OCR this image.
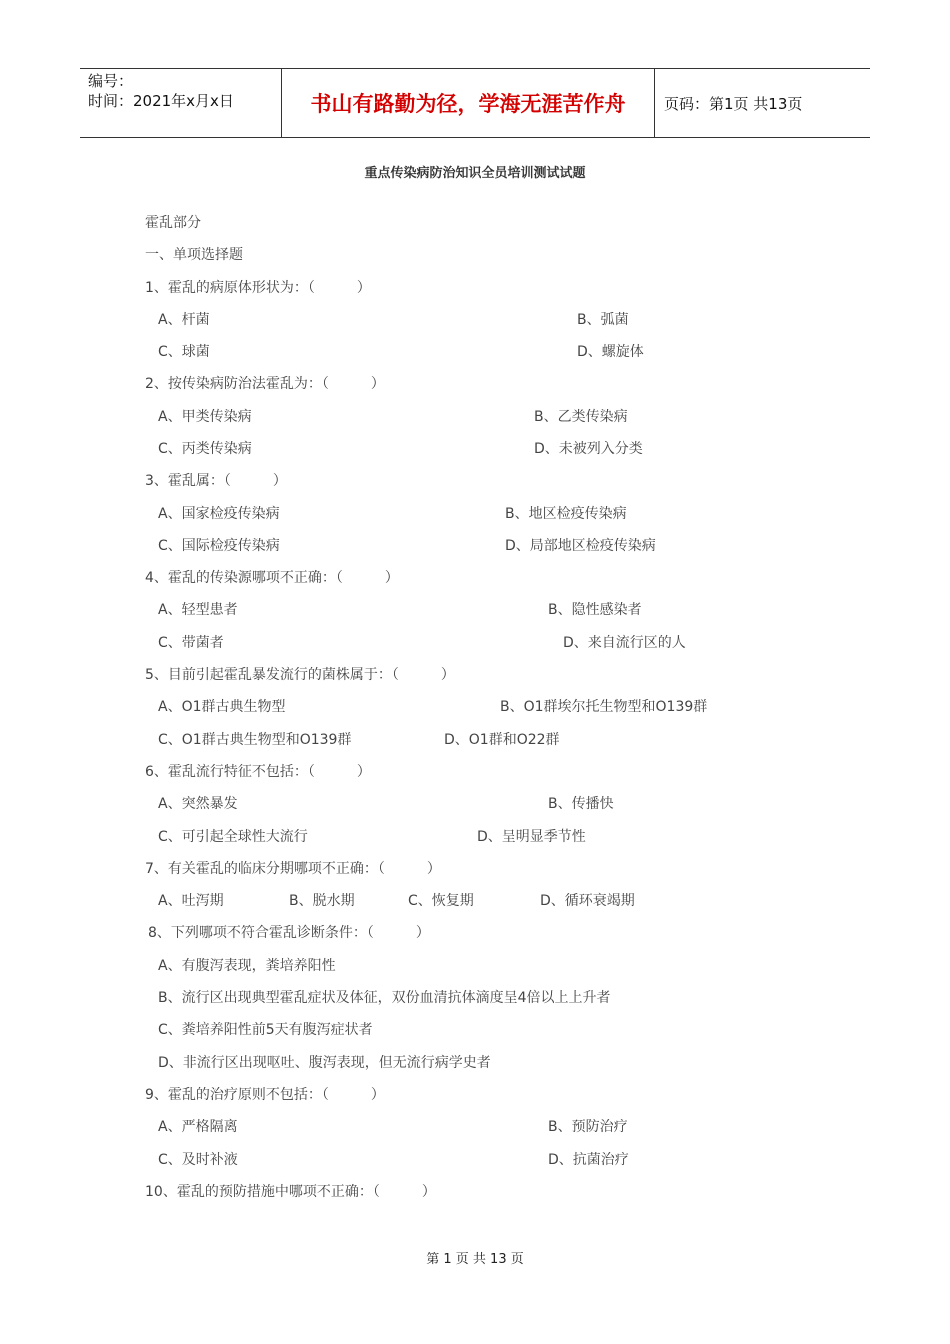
编号：
时间：2021年x月x日	书山有路勤为径，学海无涯苦作舟	页码：第1页 共13页
重点传染病防治知识全员培训测试试题
霍乱部分
一、单项选择题
1、霍乱的病原体形状为：（　　　）
A、杆菌	B、弧菌
C、球菌	D、螺旋体
2、按传染病防治法霍乱为：（　　　）
A、甲类传染病	B、乙类传染病
C、丙类传染病	D、未被列入分类
3、霍乱属：（　　　）
A、国家检疫传染病	B、地区检疫传染病
C、国际检疫传染病	D、局部地区检疫传染病
4、霍乱的传染源哪项不正确：（　　　）
A、轻型患者	B、隐性感染者
C、带菌者	D、来自流行区的人
5、目前引起霍乱暴发流行的菌株属于：（　　　）
A、O1群古典生物型	B、O1群埃尔托生物型和O139群
C、O1群古典生物型和O139群	D、O1群和O22群
6、霍乱流行特征不包括：（　　　）
A、突然暴发	B、传播快
C、可引起全球性大流行	D、呈明显季节性
7、有关霍乱的临床分期哪项不正确：（　　　）
A、吐泻期	B、脱水期	C、恢复期	D、循环衰竭期
8、下列哪项不符合霍乱诊断条件：（　　　）
A、有腹泻表现，粪培养阳性
B、流行区出现典型霍乱症状及体征，双份血清抗体滴度呈4倍以上上升者
C、粪培养阳性前5天有腹泻症状者
D、非流行区出现呕吐、腹泻表现，但无流行病学史者
9、霍乱的治疗原则不包括：（　　　）
A、严格隔离	B、预防治疗
C、及时补液	D、抗菌治疗
10、霍乱的预防措施中哪项不正确：（　　　）
第 1 页 共 13 页
